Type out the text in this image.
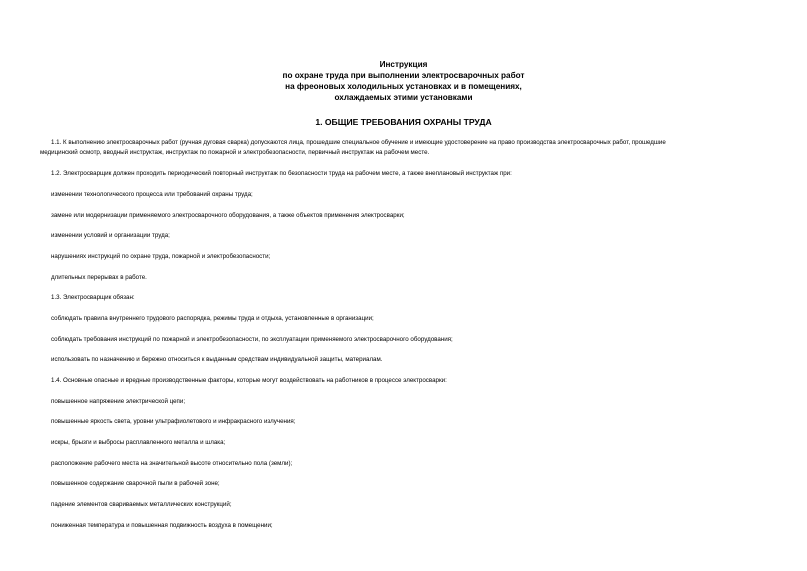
Инструкция
по охране труда при выполнении электросварочных работ
на фреоновых холодильных установках и в помещениях,
охлаждаемых этими установками
1. ОБЩИЕ ТРЕБОВАНИЯ ОХРАНЫ ТРУДА
1.1. К выполнению электросварочных работ (ручная дуговая сварка) допускаются лица, прошедшие специальное обучение и имеющие удостоверение на право производства электросварочных работ, прошедшие
медицинский осмотр, вводный инструктаж, инструктаж по пожарной и электробезопасности, первичный инструктаж на рабочем месте.
1.2. Электросварщик должен проходить периодический повторный инструктаж по безопасности труда на рабочем месте, а также внеплановый инструктаж при:
изменении технологического процесса или требований охраны труда;
замене или модернизации применяемого электросварочного оборудования, а также объектов применения электросварки;
изменении условий и организации труда;
нарушениях инструкций по охране труда, пожарной и электробезопасности;
длительных перерывах в работе.
1.3. Электросварщик обязан:
соблюдать правила внутреннего трудового распорядка, режимы труда и отдыха, установленные в организации;
соблюдать требования инструкций по пожарной и электробезопасности, по эксплуатации применяемого электросварочного оборудования;
использовать по назначению и бережно относиться к выданным средствам индивидуальной защиты, материалам.
1.4. Основные опасные и вредные производственные факторы, которые могут воздействовать на работников в процессе электросварки:
повышенное напряжение электрической цепи;
повышенные яркость света, уровни ультрафиолетового и инфракрасного излучения;
искры, брызги и выбросы расплавленного металла и шлака;
расположение рабочего места на значительной высоте относительно пола (земли);
повышенное содержание сварочной пыли в рабочей зоне;
падение элементов свариваемых металлических конструкций;
пониженная температура и повышенная подвижность воздуха в помещении;
